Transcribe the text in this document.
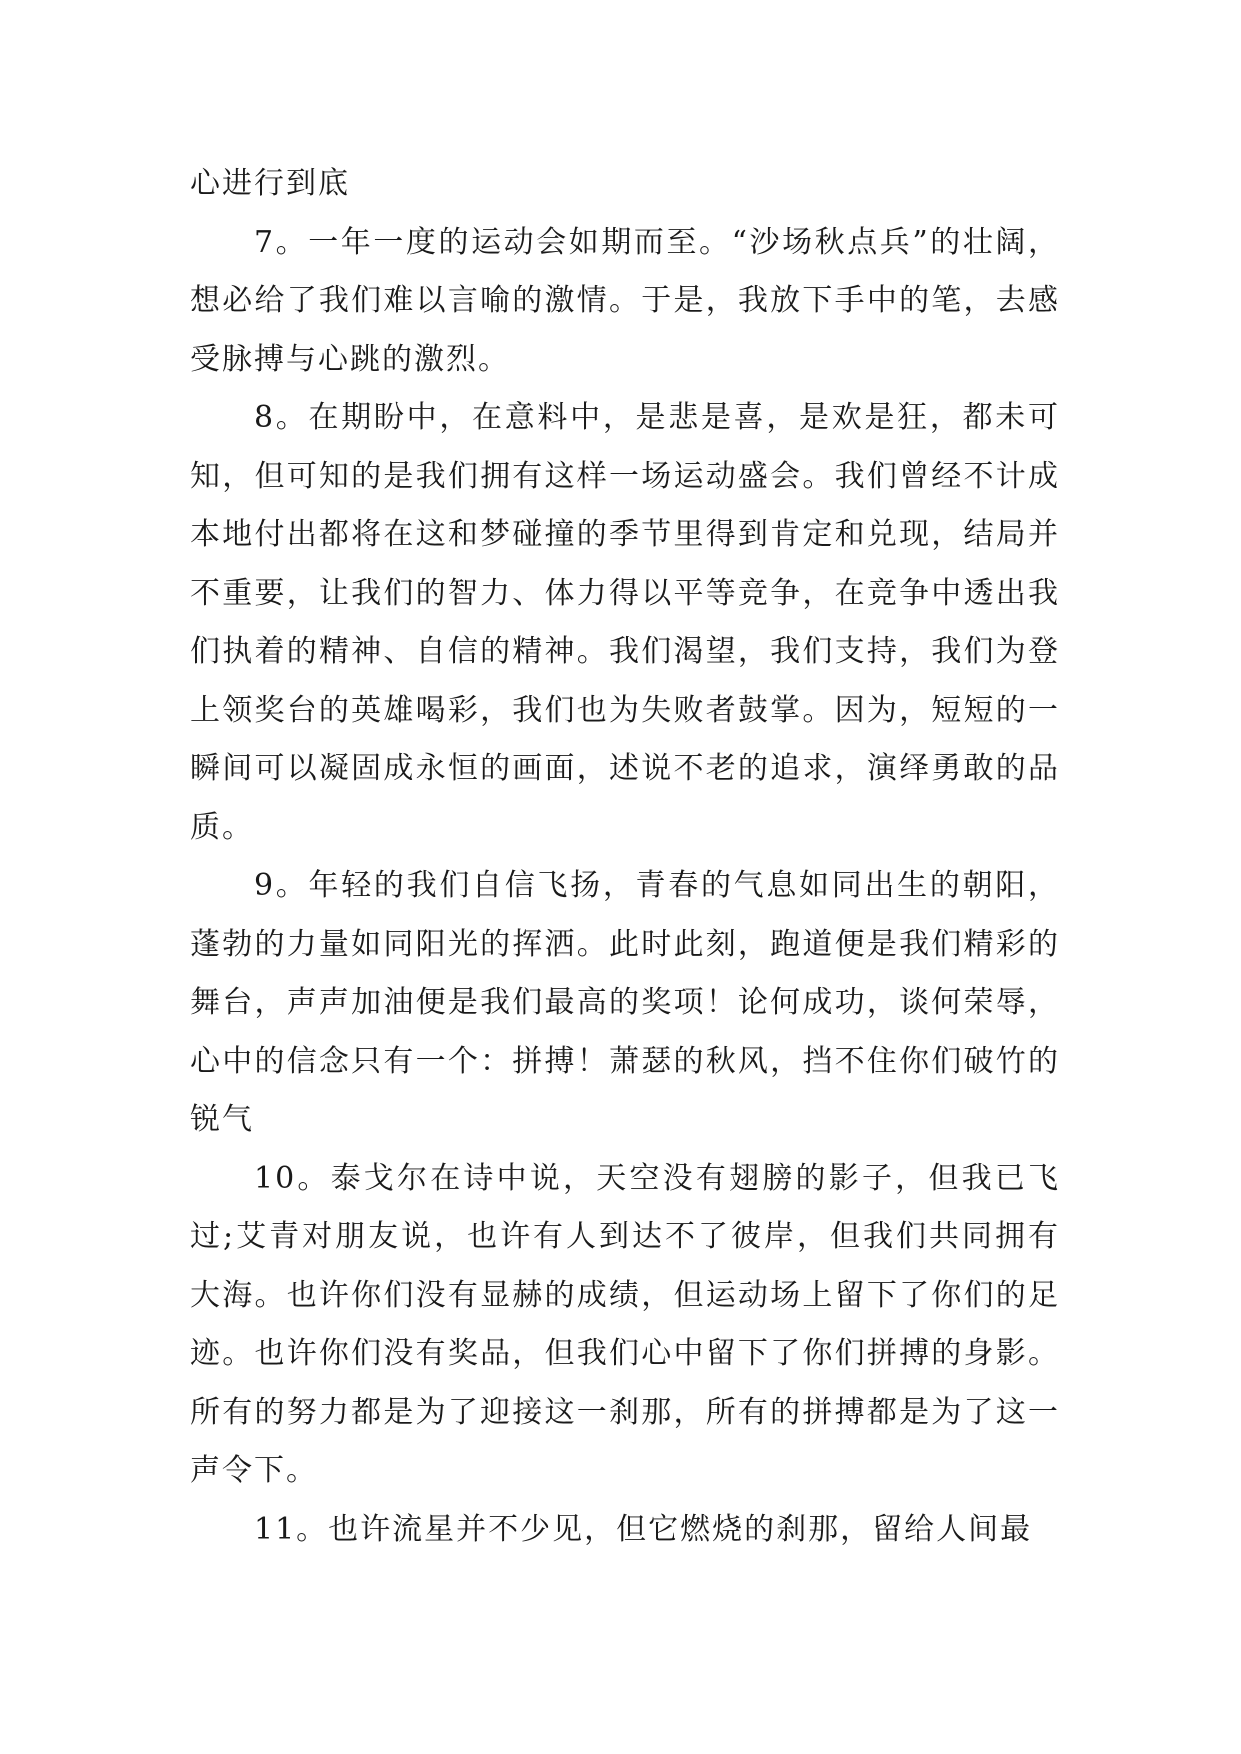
心进行到底

7。一年一度的运动会如期而至。“沙场秋点兵”的壮阔，想必给了我们难以言喻的激情。于是，我放下手中的笔，去感受脉搏与心跳的激烈。

8。在期盼中，在意料中，是悲是喜，是欢是狂，都未可知，但可知的是我们拥有这样一场运动盛会。我们曾经不计成本地付出都将在这和梦碰撞的季节里得到肯定和兑现，结局并不重要，让我们的智力、体力得以平等竞争，在竞争中透出我们执着的精神、自信的精神。我们渴望，我们支持，我们为登上领奖台的英雄喝彩，我们也为失败者鼓掌。因为，短短的一瞬间可以凝固成永恒的画面，述说不老的追求，演绎勇敢的品质。

9。年轻的我们自信飞扬，青春的气息如同出生的朝阳，蓬勃的力量如同阳光的挥洒。此时此刻，跑道便是我们精彩的舞台，声声加油便是我们最高的奖项！论何成功，谈何荣辱，心中的信念只有一个：拼搏！萧瑟的秋风，挡不住你们破竹的锐气

10。泰戈尔在诗中说，天空没有翅膀的影子，但我已飞过;艾青对朋友说，也许有人到达不了彼岸，但我们共同拥有大海。也许你们没有显赫的成绩，但运动场上留下了你们的足迹。也许你们没有奖品，但我们心中留下了你们拼搏的身影。所有的努力都是为了迎接这一刹那，所有的拼搏都是为了这一声令下。

11。也许流星并不少见，但它燃烧的刹那，留给人间最
